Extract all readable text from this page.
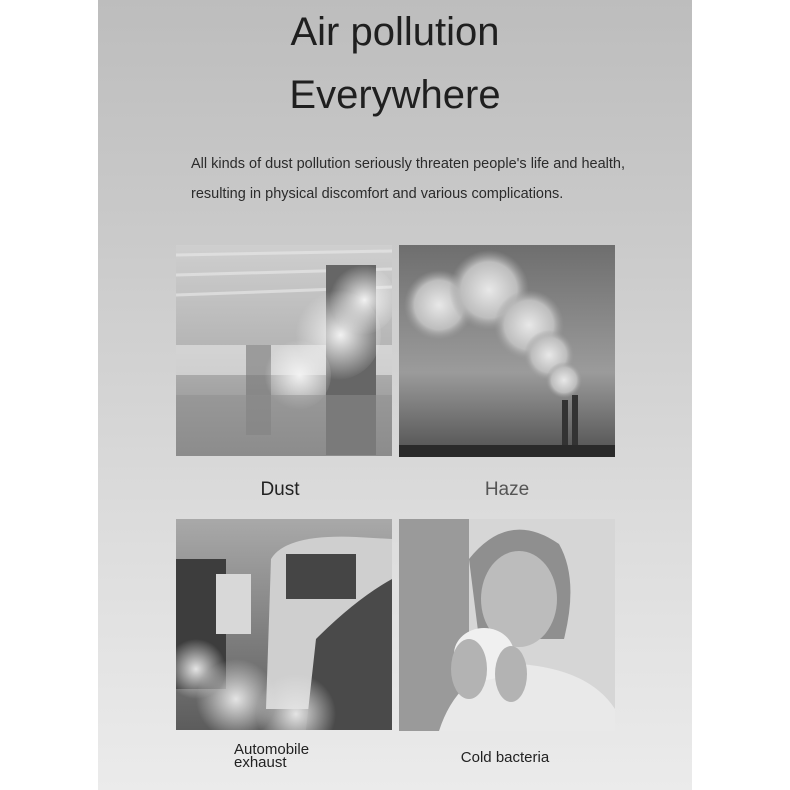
Air pollution
Everywhere

All kinds of dust pollution seriously threaten people's life and health,

resulting in physical discomfort and various complications.

Dust	Haze

Automobile
exhaust	Cold bacteria
